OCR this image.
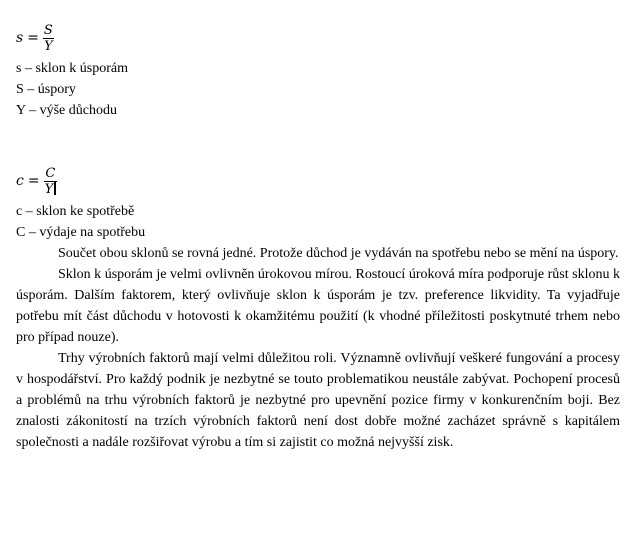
$s = \frac{S}{Y}$
s – sklon k úsporám
S – úspory
Y – výše důchodu
$c = \frac{C}{Y}$
c – sklon ke spotřebě
C – výdaje na spotřebu

Součet obou sklonů se rovná jedné. Protože důchod je vydáván na spotřebu nebo se mění na úspory.

Sklon k úsporám je velmi ovlivněn úrokovou mírou. Rostoucí úroková míra podporuje růst sklonu k úsporám. Dalším faktorem, který ovlivňuje sklon k úsporám je tzv. preference likvidity. Ta vyjadřuje potřebu mít část důchodu v hotovosti k okamžitému použití (k vhodné příležitosti poskytnuté trhem nebo pro případ nouze).

Trhy výrobních faktorů mají velmi důležitou roli. Významně ovlivňují veškeré fungování a procesy v hospodářství. Pro každý podnik je nezbytné se touto problematikou neustále zabývat. Pochopení procesů a problémů na trhu výrobních faktorů je nezbytné pro upevnění pozice firmy v konkurenčním boji. Bez znalosti zákonitostí na trzích výrobních faktorů není dost dobře možné zacházet správně s kapitálem společnosti a nadále rozšiřovat výrobu a tím si zajistit co možná nejvyšší zisk.
